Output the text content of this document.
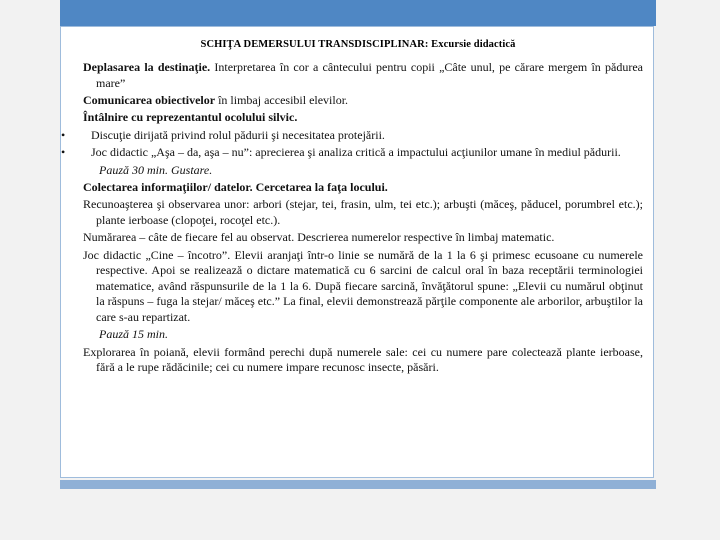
SCHIŢA DEMERSULUI TRANSDISCIPLINAR: Excursie didactică

Deplasarea la destinaţie. Interpretarea în cor a cântecului pentru copii „Câte unul, pe cărare mergem în pădurea mare”

Comunicarea obiectivelor în limbaj accesibil elevilor.

Întâlnire cu reprezentantul ocolului silvic.

• Discuţie dirijată privind rolul pădurii şi necesitatea protejării.

• Joc didactic „Aşa – da, aşa – nu”: aprecierea şi analiza critică a impactului acţiunilor umane în mediul pădurii.

Pauză 30 min. Gustare.

Colectarea informaţiilor/ datelor. Cercetarea la faţa locului.

Recunoaşterea şi observarea unor: arbori (stejar, tei, frasin, ulm, tei etc.); arbuşti (măceş, păducel, porumbrel etc.); plante ierboase (clopoţei, rocoţel etc.).

Numărarea – câte de fiecare fel au observat. Descrierea numerelor respective în limbaj matematic.

Joc didactic „Cine – încotro”. Elevii aranjaţi într-o linie se numără de la 1 la 6 şi primesc ecusoane cu numerele respective. Apoi se realizează o dictare matematică cu 6 sarcini de calcul oral în baza receptării terminologiei matematice, având răspunsurile de la 1 la 6. După fiecare sarcină, învăţătorul spune: „Elevii cu numărul obţinut la răspuns – fuga la stejar/ măceş etc.” La final, elevii demonstrează părţile componente ale arborilor, arbuştilor la care s-au repartizat.

Pauză 15 min.

Explorarea în poiană, elevii formând perechi după numerele sale: cei cu numere pare colectează plante ierboase, fără a le rupe rădăcinile; cei cu numere impare recunosc insecte, păsări.
